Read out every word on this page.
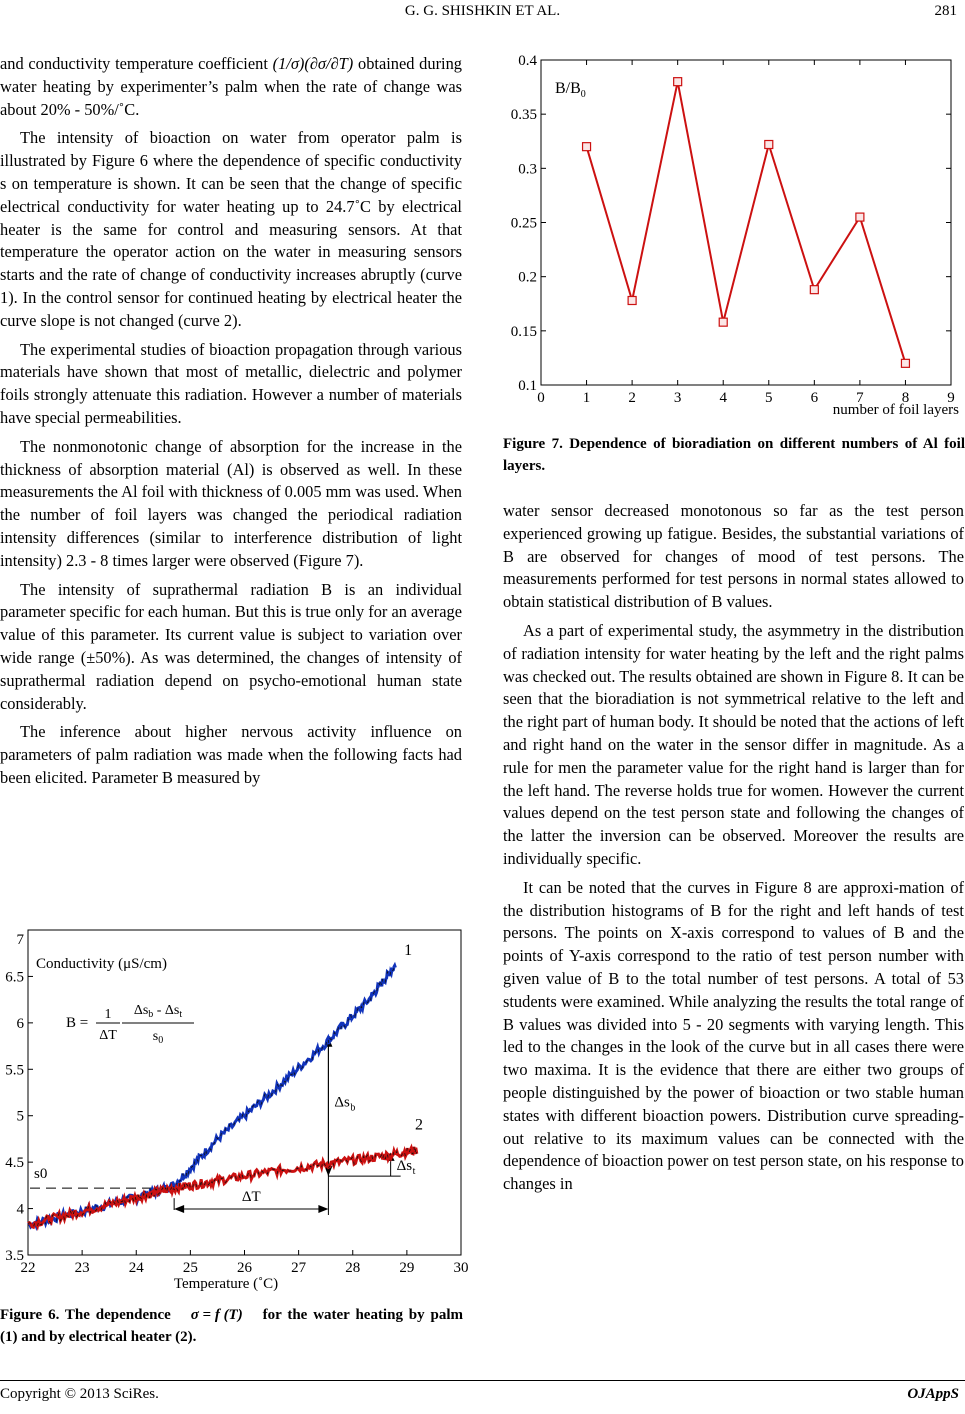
G. G. SHISHKIN ET AL.	281

and conductivity temperature coefficient (1/σ)(∂σ/∂T) obtained during water heating by experimenter’s palm when the rate of change was about 20% - 50%/˚C.

The intensity of bioaction on water from operator palm is illustrated by Figure 6 where the dependence of specific conductivity s on temperature is shown. It can be seen that the change of specific electrical conductivity for water heating up to 24.7˚C by electrical heater is the same for control and measuring sensors. At that temperature the operator action on the water in measuring sensors starts and the rate of change of conductivity increases abruptly (curve 1). In the control sensor for continued heating by electrical heater the curve slope is not changed (curve 2).

The experimental studies of bioaction propagation through various materials have shown that most of metallic, dielectric and polymer foils strongly attenuate this radiation. However a number of materials have special permeabilities.

The nonmonotonic change of absorption for the increase in the thickness of absorption material (Al) is observed as well. In these measurements the Al foil with thickness of 0.005 mm was used. When the number of foil layers was changed the periodical radiation intensity differences (similar to interference distribution of light intensity) 2.3 - 8 times larger were observed (Figure 7).

The intensity of suprathermal radiation B is an individual parameter specific for each human. But this is true only for an average value of this parameter. Its current value is subject to variation over wide range (±50%). As was determined, the changes of intensity of suprathermal radiation depend on psycho-emotional human state considerably.

The inference about higher nervous activity influence on parameters of palm radiation was made when the following facts had been elicited. Parameter B measured by

$B/B_0$
number of foil layers
0.1
0.15
0.2
0.25
0.3
0.35
0.4
0	1	2	3	4	5	6	7	8	9
Figure 7. Dependence of bioradiation on different numbers of Al foil layers.

water sensor decreased monotonous so far as the test person experienced growing up fatigue. Besides, the substantial variations of B are observed for changes of mood of test persons. The measurements performed for test persons in normal states allowed to obtain statistical distribution of B values.

As a part of experimental study, the asymmetry in the distribution of radiation intensity for water heating by the left and the right palms was checked out. The results obtained are shown in Figure 8. It can be seen that the bioradiation is not symmetrical relative to the left and the right part of human body. It should be noted that the actions of left and right hand on the water in the sensor differ in magnitude. As a rule for men the parameter value for the right hand is larger than for the left hand. The reverse holds true for women. However the current values depend on the test person state and following the changes of the latter the inversion can be observed. Moreover the results are individually specific.

It can be noted that the curves in Figure 8 are approxi-mation of the distribution histograms of B for the right and left hands of test persons. The points on X-axis correspond to values of B and the points of Y-axis correspond to the ratio of test person number with given value of B to the total number of test persons. A total of 53 students were examined. While analyzing the results the total range of B values was divided into 5 - 20 segments with varying length. This led to the changes in the look of the curve but in all cases there were two maxima. It is the evidence that there are either two groups of people distinguished by the power of bioaction or two stable human states with different bioaction powers. Distribution curve spreading-out relative to its maximum values can be connected with the dependence of bioaction power on test person state, on his response to changes in

3.5
4
4.5
5
5.5
6
6.5
7
22	23	24	25	26	27	28	29	30
Conductivity (μS/cm)
B =
1
ΔT
$\Delta s_b - \Delta s_t$
$s_0$
s0
ΔT
Δs b
Δs t
1
2
Temperature (˚C)
Figure 6. The dependence σ = f (T) for the water heating by palm (1) and by electrical heater (2).
Copyright © 2013 SciRes.	OJAppS
